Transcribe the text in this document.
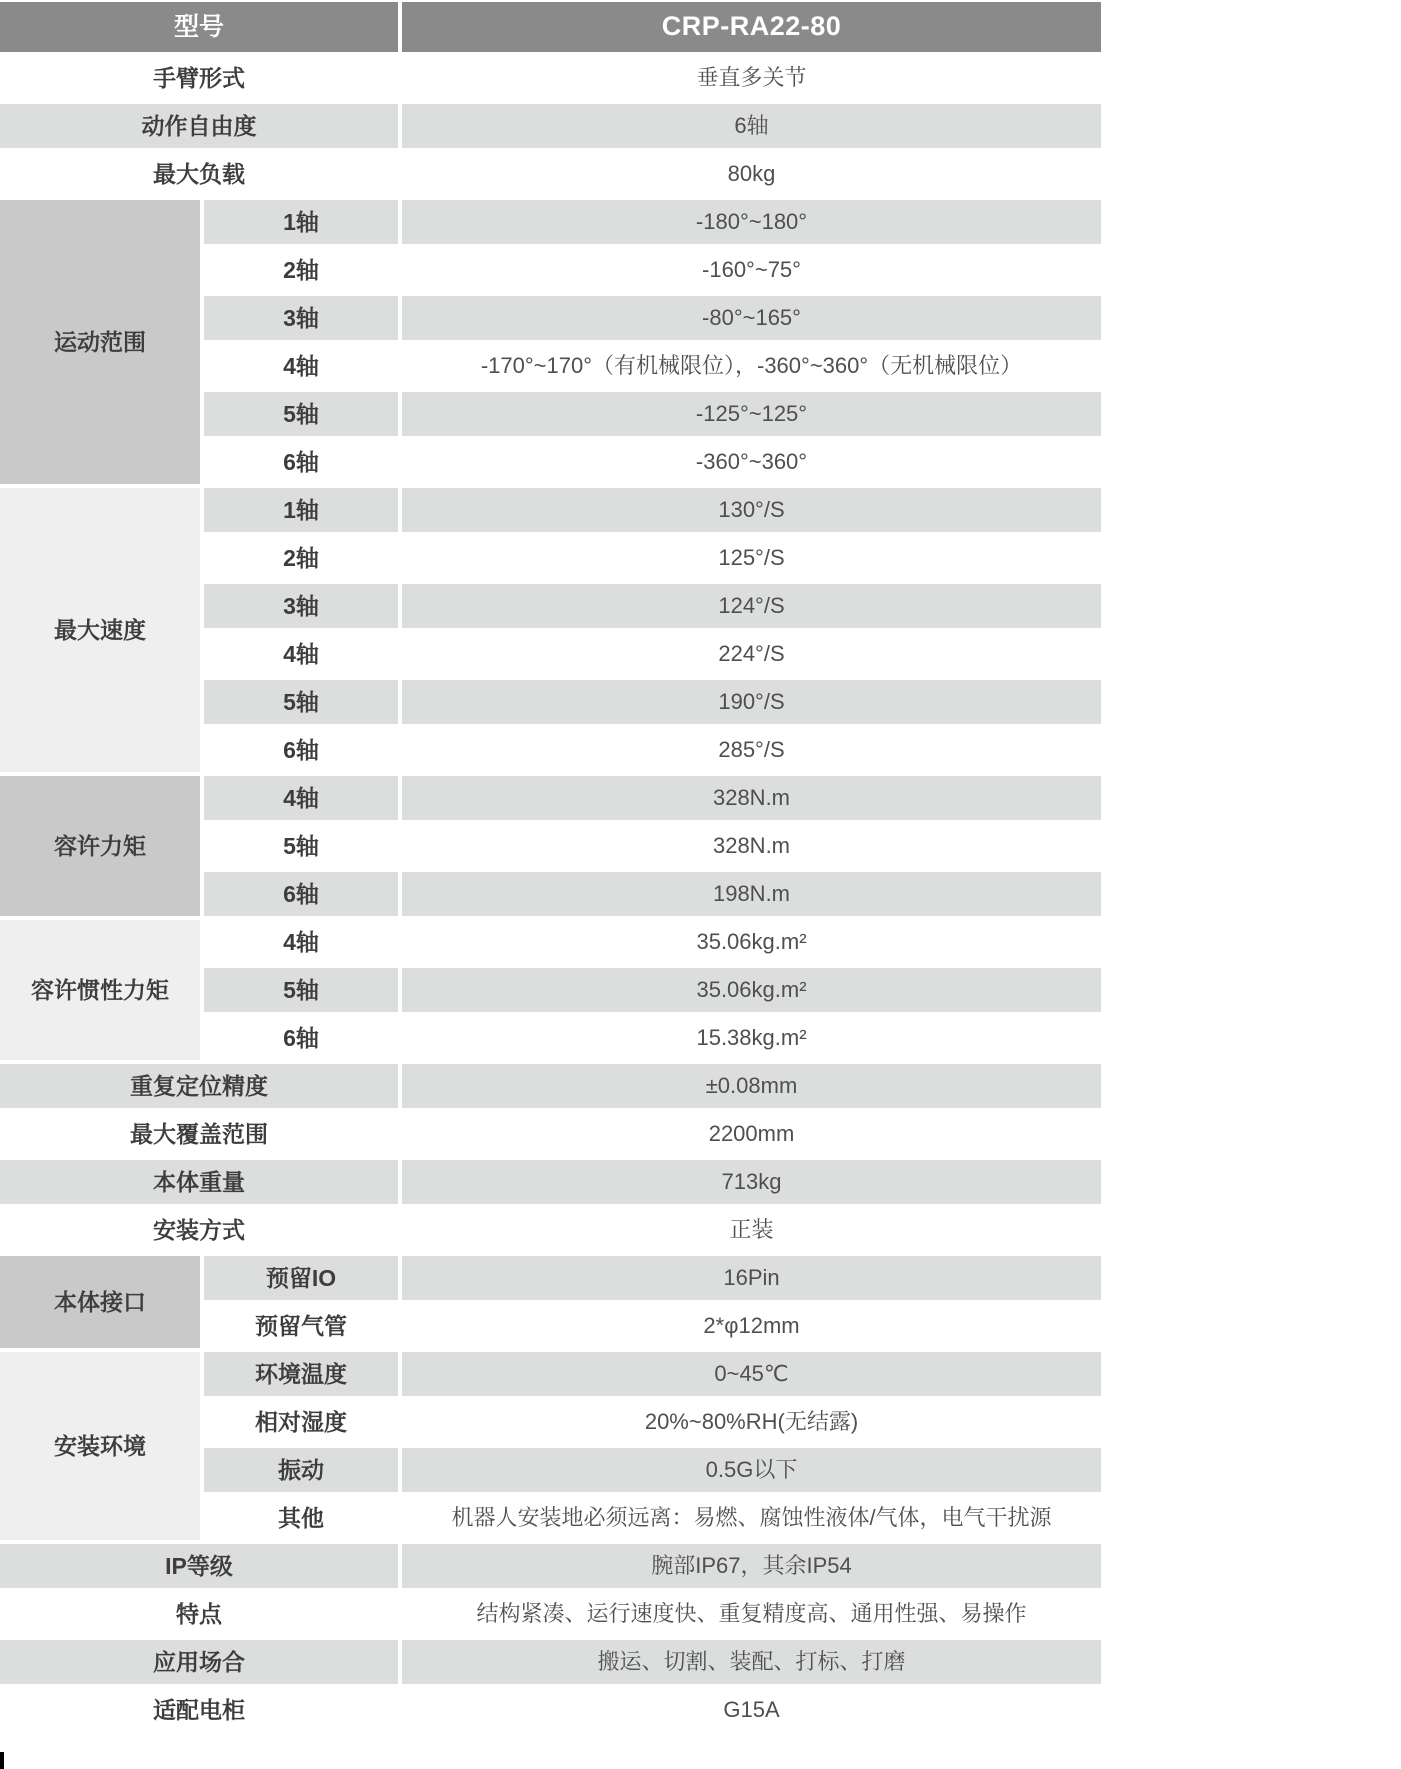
型号	CRP-RA22-80
手臂形式	垂直多关节
动作自由度	6轴
最大负载	80kg
运动范围
1轴	-180°~180°
2轴	-160°~75°
3轴	-80°~165°
4轴	-170°~170°（有机械限位），-360°~360°（无机械限位）
5轴	-125°~125°
6轴	-360°~360°
最大速度
1轴	130°/S
2轴	125°/S
3轴	124°/S
4轴	224°/S
5轴	190°/S
6轴	285°/S
容许力矩
4轴	328N.m
5轴	328N.m
6轴	198N.m
容许惯性力矩
4轴	35.06kg.m²
5轴	35.06kg.m²
6轴	15.38kg.m²
重复定位精度	±0.08mm
最大覆盖范围	2200mm
本体重量	713kg
安装方式	正装
本体接口
预留IO	16Pin
预留气管	2*φ12mm
安装环境
环境温度	0~45℃
相对湿度	20%~80%RH(无结露)
振动	0.5G以下
其他	机器人安装地必须远离：易燃、腐蚀性液体/气体，电气干扰源
IP等级	腕部IP67，其余IP54
特点	结构紧凑、运行速度快、重复精度高、通用性强、易操作
应用场合	搬运、切割、装配、打标、打磨
适配电柜	G15A
